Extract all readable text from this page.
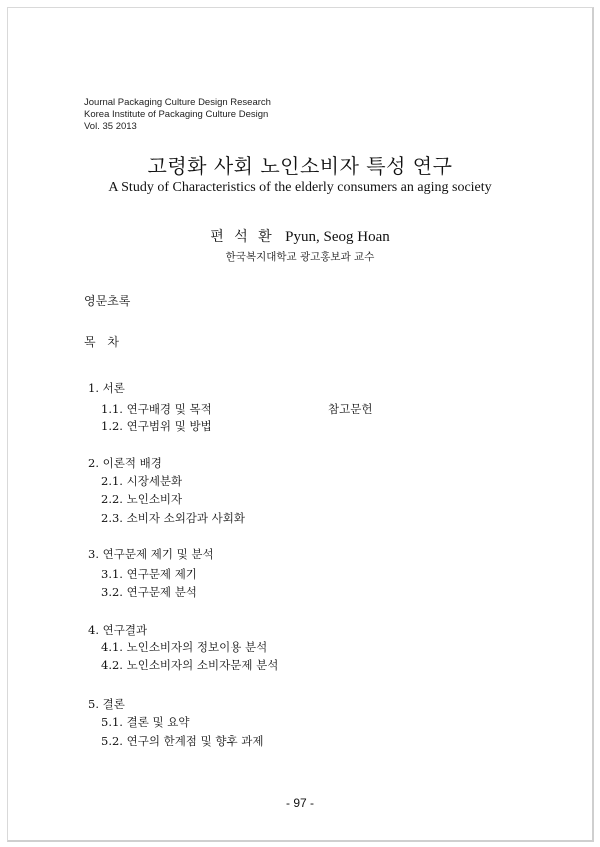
Journal Packaging Culture Design Research
Korea Institute of Packaging Culture Design
Vol. 35 2013
고령화 사회 노인소비자 특성 연구
A Study of Characteristics of the elderly consumers an aging society
편 석 환 Pyun, Seog Hoan
한국복지대학교 광고홍보과 교수
영문초록
목 차
1. 서론
1.1. 연구배경 및 목적
1.2. 연구범위 및 방법
참고문헌
2. 이론적 배경
2.1. 시장세분화
2.2. 노인소비자
2.3. 소비자 소외감과 사회화
3. 연구문제 제기 및 분석
3.1. 연구문제 제기
3.2. 연구문제 분석
4. 연구결과
4.1. 노인소비자의 정보이용 분석
4.2. 노인소비자의 소비자문제 분석
5. 결론
5.1. 결론 및 요약
5.2. 연구의 한계점 및 향후 과제
- 97 -
